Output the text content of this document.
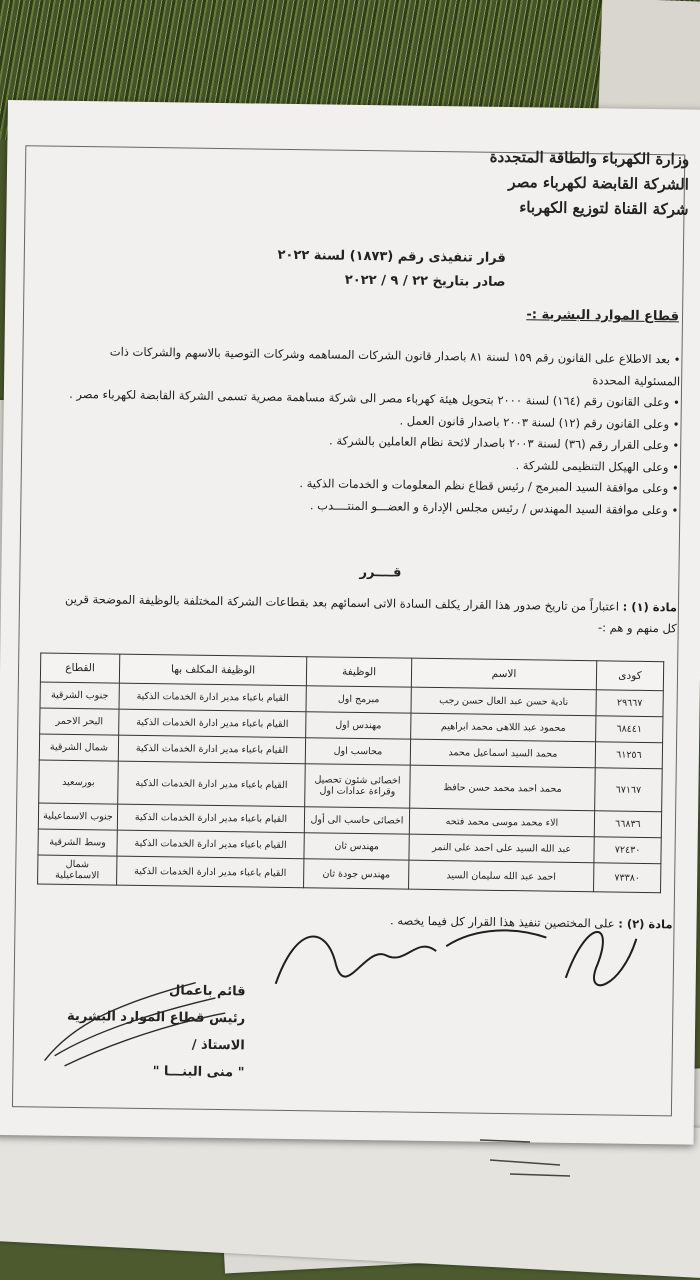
وزارة الكهرباء والطاقة المتجددة
الشركة القابضة لكهرباء مصر
شركة القناة لتوزيع الكهرباء
قرار تنفيذى رقم (١٨٧٣) لسنة ٢٠٢٢
صادر بتاريخ ٢٢ / ٩ / ٢٠٢٢
قطاع الموارد البشرية :-
• بعد الاطلاع على القانون رقم ١٥٩ لسنة ٨١ باصدار قانون الشركات المساهمه وشركات التوصية بالاسهم والشركات ذات المسئولية المحددة
• وعلى القانون رقم (١٦٤) لسنة ٢٠٠٠ بتحويل هيئة كهرباء مصر الى شركة مساهمة مصرية تسمى الشركة القابضة لكهرباء مصر .
• وعلى القانون رقم (١٢) لسنة ٢٠٠٣ باصدار قانون العمل .
• وعلى القرار رقم (٣٦) لسنة ٢٠٠٣ باصدار لائحة نظام العاملين بالشركة .
• وعلى الهيكل التنظيمى للشركة .
• وعلى موافقة السيد المبرمج / رئيس قطاع نظم المعلومات و الخدمات الذكية .
• وعلى موافقة السيد المهندس / رئيس مجلس الإدارة و العضـــو المنتــــدب .
قــــرر
مادة (١) : اعتباراً من تاريخ صدور هذا القرار يكلف السادة الاتى اسمائهم بعد بقطاعات الشركة المختلفة بالوظيفة الموضحة قرين كل منهم و هم :-
كودى	الاسم	الوظيفة	الوظيفة المكلف بها	القطاع
٢٩٦٦٧	نادية حسن عبد العال حسن رجب	مبرمج اول	القيام باعباء مدير ادارة الخدمات الذكية	جنوب الشرقية
٦٨٤٤١	محمود عبد اللاهى محمد ابراهيم	مهندس اول	القيام باعباء مدير ادارة الخدمات الذكية	البحر الاحمر
٦١٢٥٦	محمد السيد اسماعيل محمد	محاسب اول	القيام باعباء مدير ادارة الخدمات الذكية	شمال الشرقية
٦٧١٦٧	محمد احمد محمد حسن حافظ	اخصائى شئون تحصيل وقراءة عدادات اول	القيام باعباء مدير ادارة الخدمات الذكية	بورسعيد
٦٦٨٣٦	الاء محمد موسى محمد فتحه	اخصائى حاسب الى أول	القيام باعباء مدير ادارة الخدمات الذكية	جنوب الاسماعيلية
٧٢٤٣٠	عبد الله السيد على احمد على النمر	مهندس ثان	القيام باعباء مدير ادارة الخدمات الذكية	وسط الشرقية
٧٣٣٨٠	احمد عبد الله سليمان السيد	مهندس جودة ثان	القيام باعباء مدير ادارة الخدمات الذكية	شمال الاسماعيلية
مادة (٢) : على المختصين تنفيذ هذا القرار كل فيما يخصه .
قائم باعمال
رئيس قطاع الموارد البشرية
الاستاذ /
" منى البنـــا "
